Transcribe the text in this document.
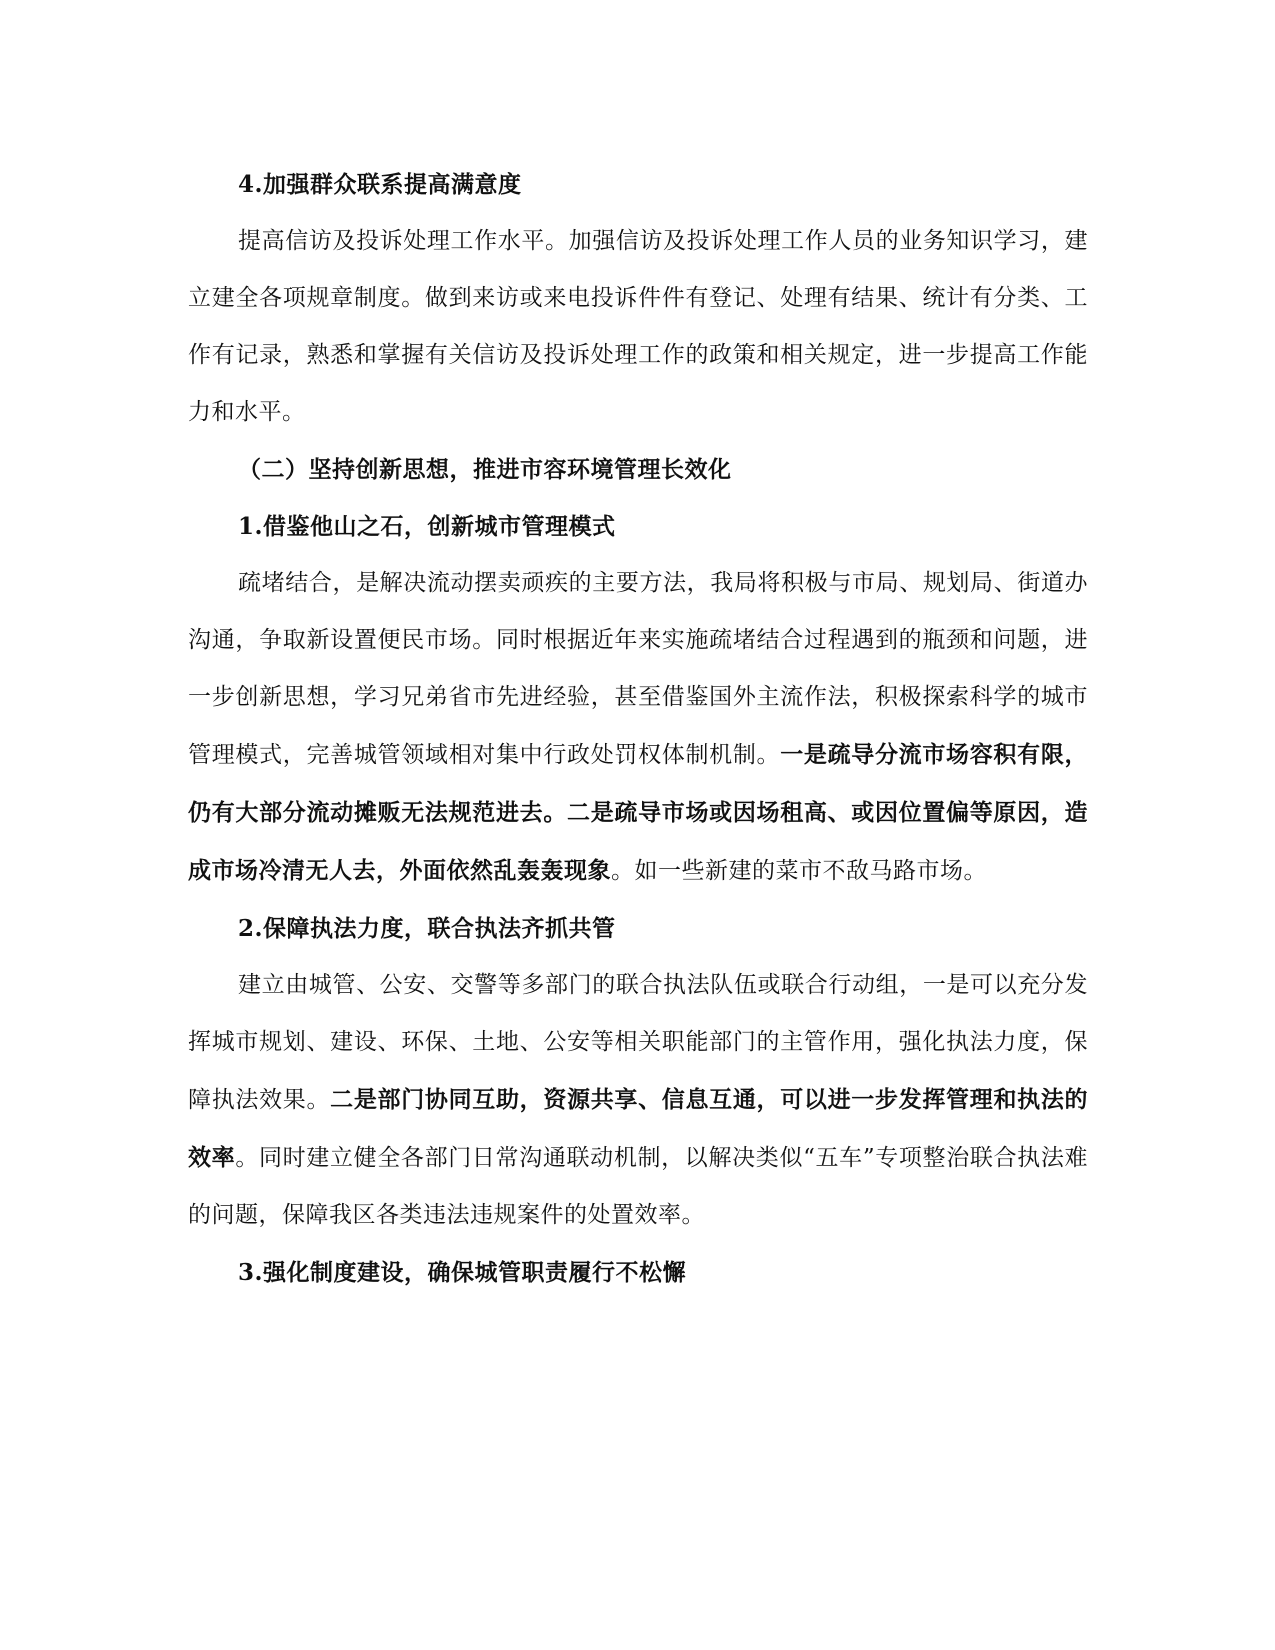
4.加强群众联系提高满意度
提高信访及投诉处理工作水平。加强信访及投诉处理工作人员的业务知识学习，建立建全各项规章制度。做到来访或来电投诉件件有登记、处理有结果、统计有分类、工作有记录，熟悉和掌握有关信访及投诉处理工作的政策和相关规定，进一步提高工作能力和水平。
（二）坚持创新思想，推进市容环境管理长效化
1.借鉴他山之石，创新城市管理模式
疏堵结合，是解决流动摆卖顽疾的主要方法，我局将积极与市局、规划局、街道办沟通，争取新设置便民市场。同时根据近年来实施疏堵结合过程遇到的瓶颈和问题，进一步创新思想，学习兄弟省市先进经验，甚至借鉴国外主流作法，积极探索科学的城市管理模式，完善城管领域相对集中行政处罚权体制机制。一是疏导分流市场容积有限，仍有大部分流动摊贩无法规范进去。二是疏导市场或因场租高、或因位置偏等原因，造成市场冷清无人去，外面依然乱轰轰现象。如一些新建的菜市不敌马路市场。
2.保障执法力度，联合执法齐抓共管
建立由城管、公安、交警等多部门的联合执法队伍或联合行动组，一是可以充分发挥城市规划、建设、环保、土地、公安等相关职能部门的主管作用，强化执法力度，保障执法效果。二是部门协同互助，资源共享、信息互通，可以进一步发挥管理和执法的效率。同时建立健全各部门日常沟通联动机制，以解决类似“五车”专项整治联合执法难的问题，保障我区各类违法违规案件的处置效率。
3.强化制度建设，确保城管职责履行不松懈
